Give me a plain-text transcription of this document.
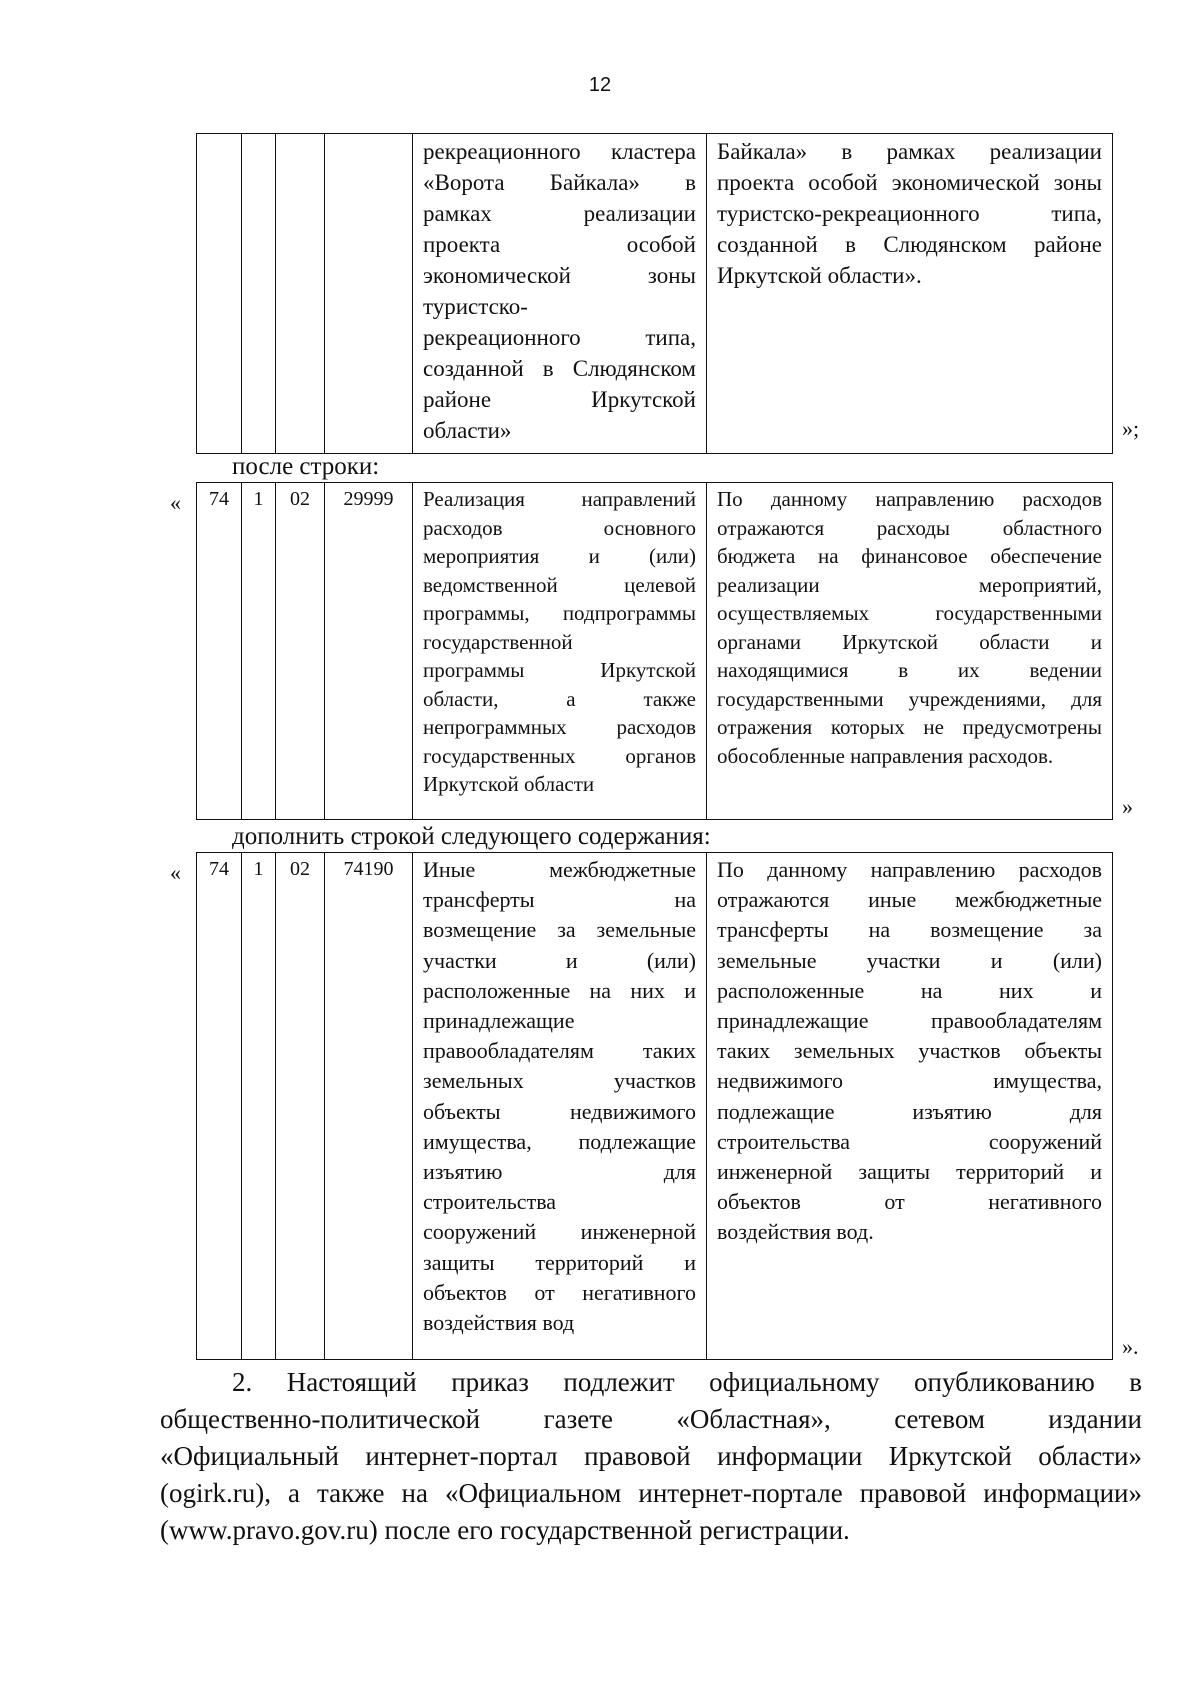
12

рекреационного кластера
«Ворота Байкала» в
рамках реализации
проекта особой
экономической зоны
туристско-
рекреационного типа,
созданной в Слюдянском
районе Иркутской
области»

Байкала» в рамках реализации
проекта особой экономической зоны
туристско-рекреационного типа,
созданной в Слюдянском районе
Иркутской области».
»;
после строки:
« 74	1	02	29999	Реализация направлений
расходов основного
мероприятия и (или)
ведомственной целевой
программы, подпрограммы
государственной
программы Иркутской
области, а также
непрограммных расходов
государственных органов
Иркутской области

По данному направлению расходов
отражаются расходы областного
бюджета на финансовое обеспечение
реализации мероприятий,
осуществляемых государственными
органами Иркутской области и
находящимися в их ведении
государственными учреждениями, для
отражения которых не предусмотрены
обособленные направления расходов.
»
дополнить строкой следующего содержания:
« 74	1	02	74190	Иные межбюджетные
трансферты на
возмещение за земельные
участки и (или)
расположенные на них и
принадлежащие
правообладателям таких
земельных участков
объекты недвижимого
имущества, подлежащие
изъятию для
строительства
сооружений инженерной
защиты территорий и
объектов от негативного
воздействия вод

По данному направлению расходов
отражаются иные межбюджетные
трансферты на возмещение за
земельные участки и (или)
расположенные на них и
принадлежащие правообладателям
таких земельных участков объекты
недвижимого имущества,
подлежащие изъятию для
строительства сооружений
инженерной защиты территорий и
объектов от негативного
воздействия вод.
».
2. Настоящий приказ подлежит официальному опубликованию в
общественно-политической газете «Областная», сетевом издании
«Официальный интернет-портал правовой информации Иркутской области»
(ogirk.ru), а также на «Официальном интернет-портале правовой информации»
(www.pravo.gov.ru) после его государственной регистрации.
